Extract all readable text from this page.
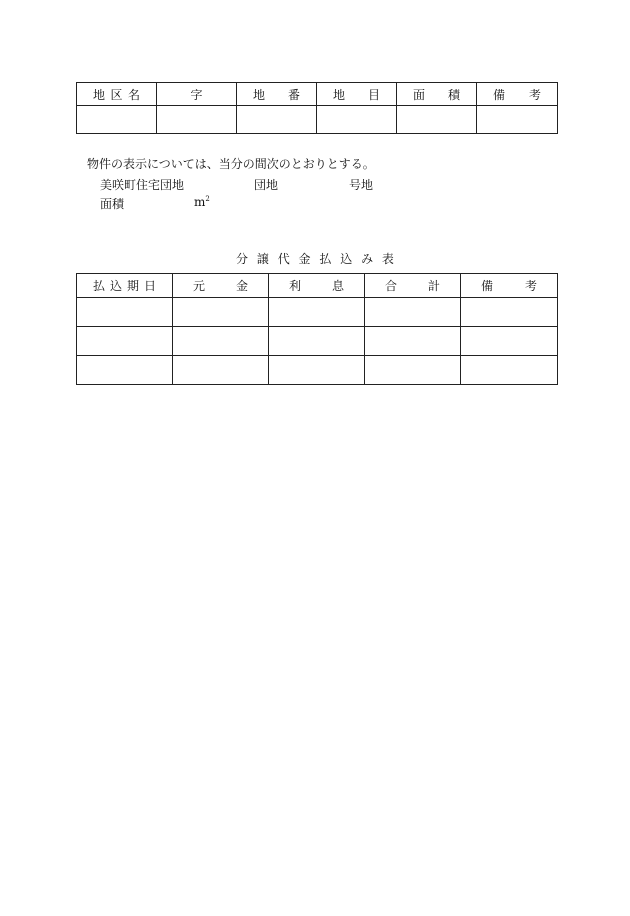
地 区 名	字	地 番	地 目	面 積	備 考

物件の表示については、当分の間次のとおりとする。
美咲町住宅団地	団地	号地
面積	$m^2$
分 譲 代 金 払 込 み 表
払 込 期 日	元 金	利 息	合 計	備 考
